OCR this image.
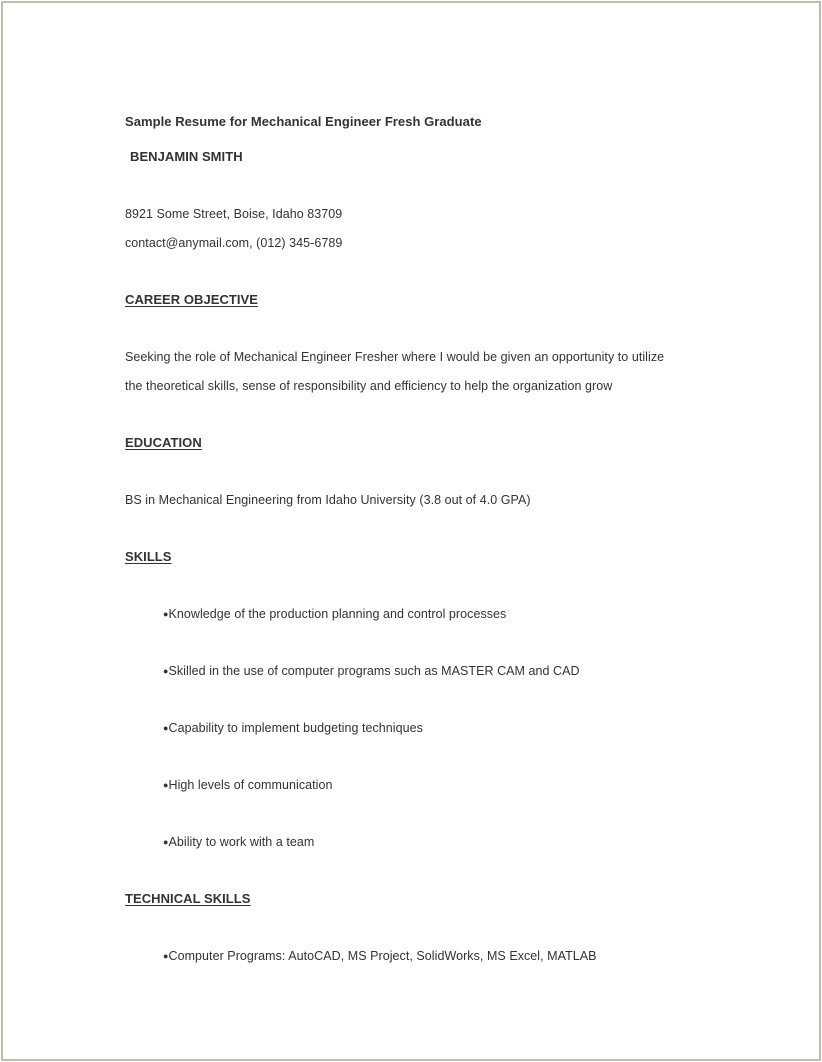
Sample Resume for Mechanical Engineer Fresh Graduate
BENJAMIN SMITH
8921 Some Street, Boise, Idaho 83709
contact@anymail.com, (012) 345-6789
CAREER OBJECTIVE
Seeking the role of Mechanical Engineer Fresher where I would be given an opportunity to utilize
the theoretical skills, sense of responsibility and efficiency to help the organization grow
EDUCATION
BS in Mechanical Engineering from Idaho University (3.8 out of 4.0 GPA)
SKILLS
●Knowledge of the production planning and control processes
●Skilled in the use of computer programs such as MASTER CAM and CAD
●Capability to implement budgeting techniques
●High levels of communication
●Ability to work with a team
TECHNICAL SKILLS
●Computer Programs: AutoCAD, MS Project, SolidWorks, MS Excel, MATLAB
